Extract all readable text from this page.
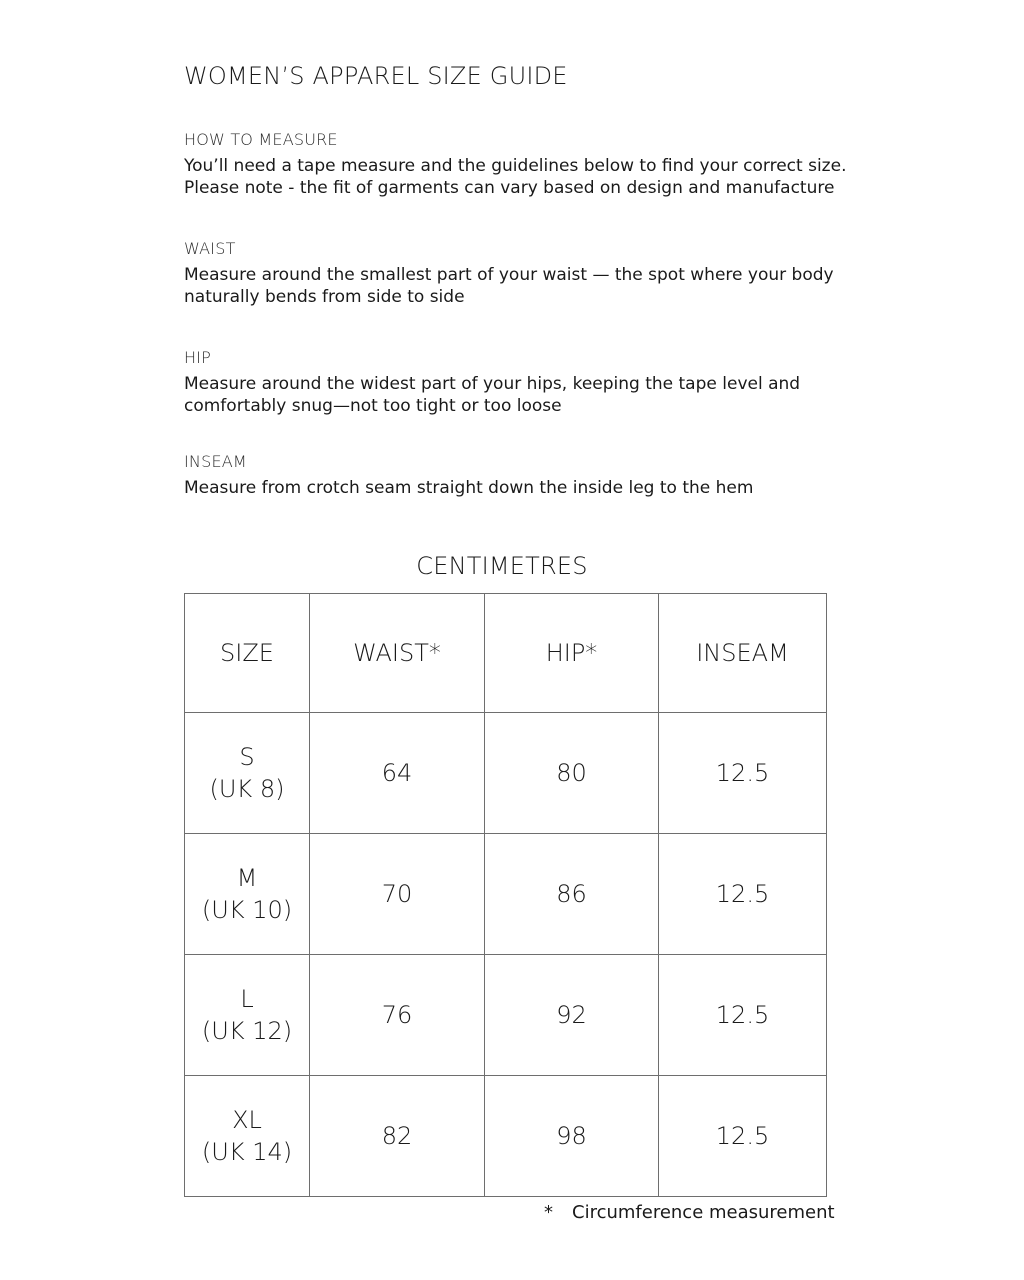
WOMEN’S APPAREL SIZE GUIDE
HOW TO MEASURE
You’ll need a tape measure and the guidelines below to find your correct size.
Please note - the fit of garments can vary based on design and manufacture
WAIST
Measure around the smallest part of your waist — the spot where your body
naturally bends from side to side
HIP
Measure around the widest part of your hips, keeping the tape level and
comfortably snug—not too tight or too loose
INSEAM
Measure from crotch seam straight down the inside leg to the hem
CENTIMETRES
SIZE	WAIST*	HIP*	INSEAM

S
(UK 8)	64	80	12.5

M
(UK 10)	70	86	12.5

L
(UK 12)	76	92	12.5

XL
(UK 14)	82	98	12.5
* Circumference measurement
